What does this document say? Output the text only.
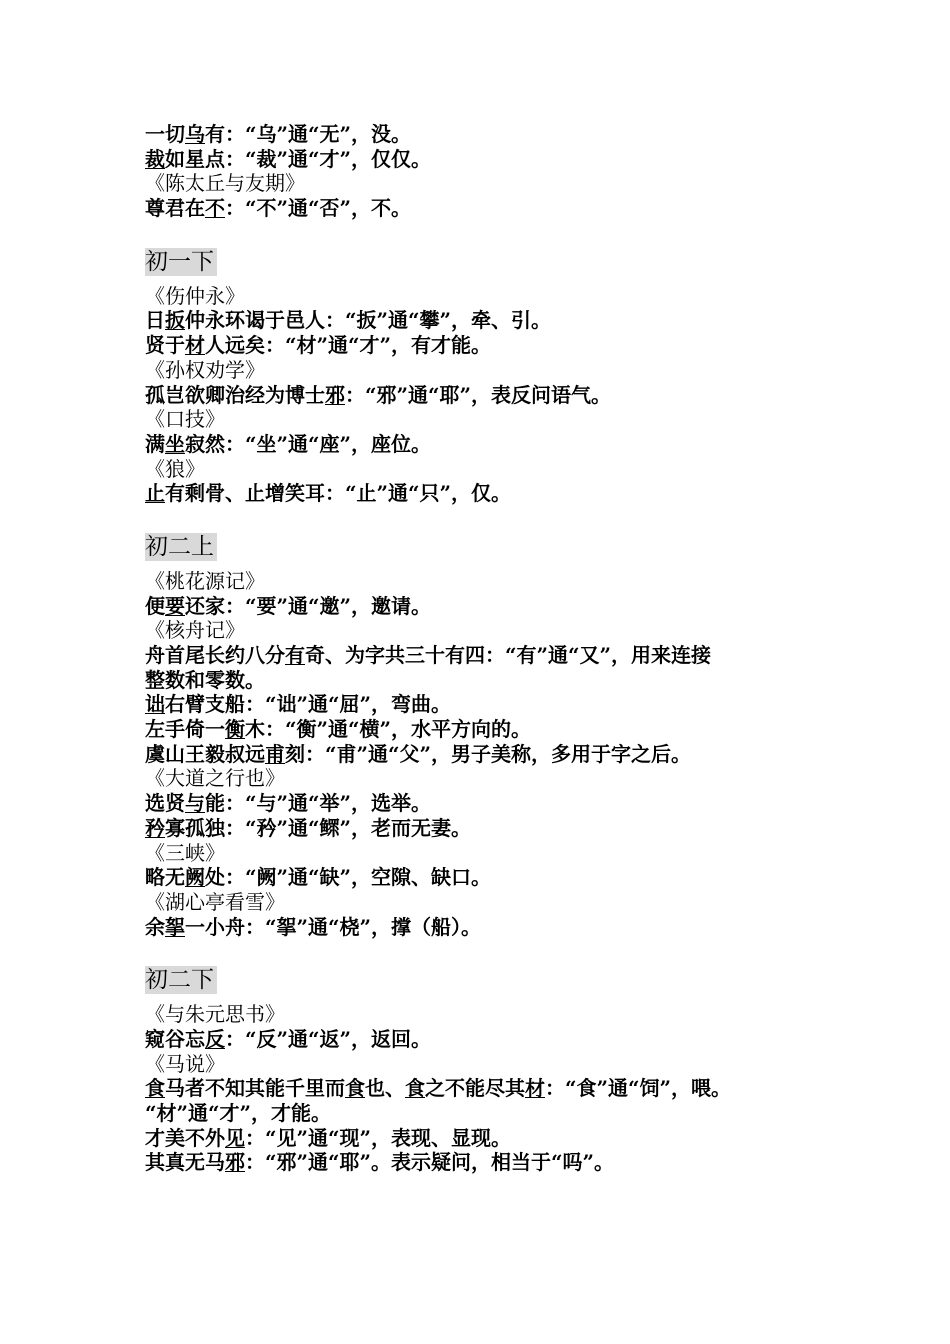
一切乌有：“乌”通“无”，没。
裁如星点：“裁”通“才”，仅仅。
《陈太丘与友期》
尊君在不：“不”通“否”，不。
初一下
《伤仲永》
日扳仲永环谒于邑人：“扳”通“攀”，牵、引。
贤于材人远矣：“材”通“才”，有才能。
《孙权劝学》
孤岂欲卿治经为博士邪：“邪”通“耶”，表反问语气。
《口技》
满坐寂然：“坐”通“座”，座位。
《狼》
止有剩骨、止增笑耳：“止”通“只”，仅。
初二上
《桃花源记》
便要还家：“要”通“邀”，邀请。
《核舟记》
舟首尾长约八分有奇、为字共三十有四：“有”通“又”，用来连接
整数和零数。
诎右臂支船：“诎”通“屈”，弯曲。
左手倚一衡木：“衡”通“横”，水平方向的。
虞山王毅叔远甫刻：“甫”通“父”，男子美称，多用于字之后。
《大道之行也》
选贤与能：“与”通“举”，选举。
矜寡孤独：“矜”通“鳏”，老而无妻。
《三峡》
略无阙处：“阙”通“缺”，空隙、缺口。
《湖心亭看雪》
余挐一小舟：“挐”通“桡”，撑（船）。
初二下
《与朱元思书》
窥谷忘反：“反”通“返”，返回。
《马说》
食马者不知其能千里而食也、食之不能尽其材：“食”通“饲”，喂。
“材”通“才”，才能。
才美不外见：“见”通“现”，表现、显现。
其真无马邪：“邪”通“耶”。表示疑问，相当于“吗”。
